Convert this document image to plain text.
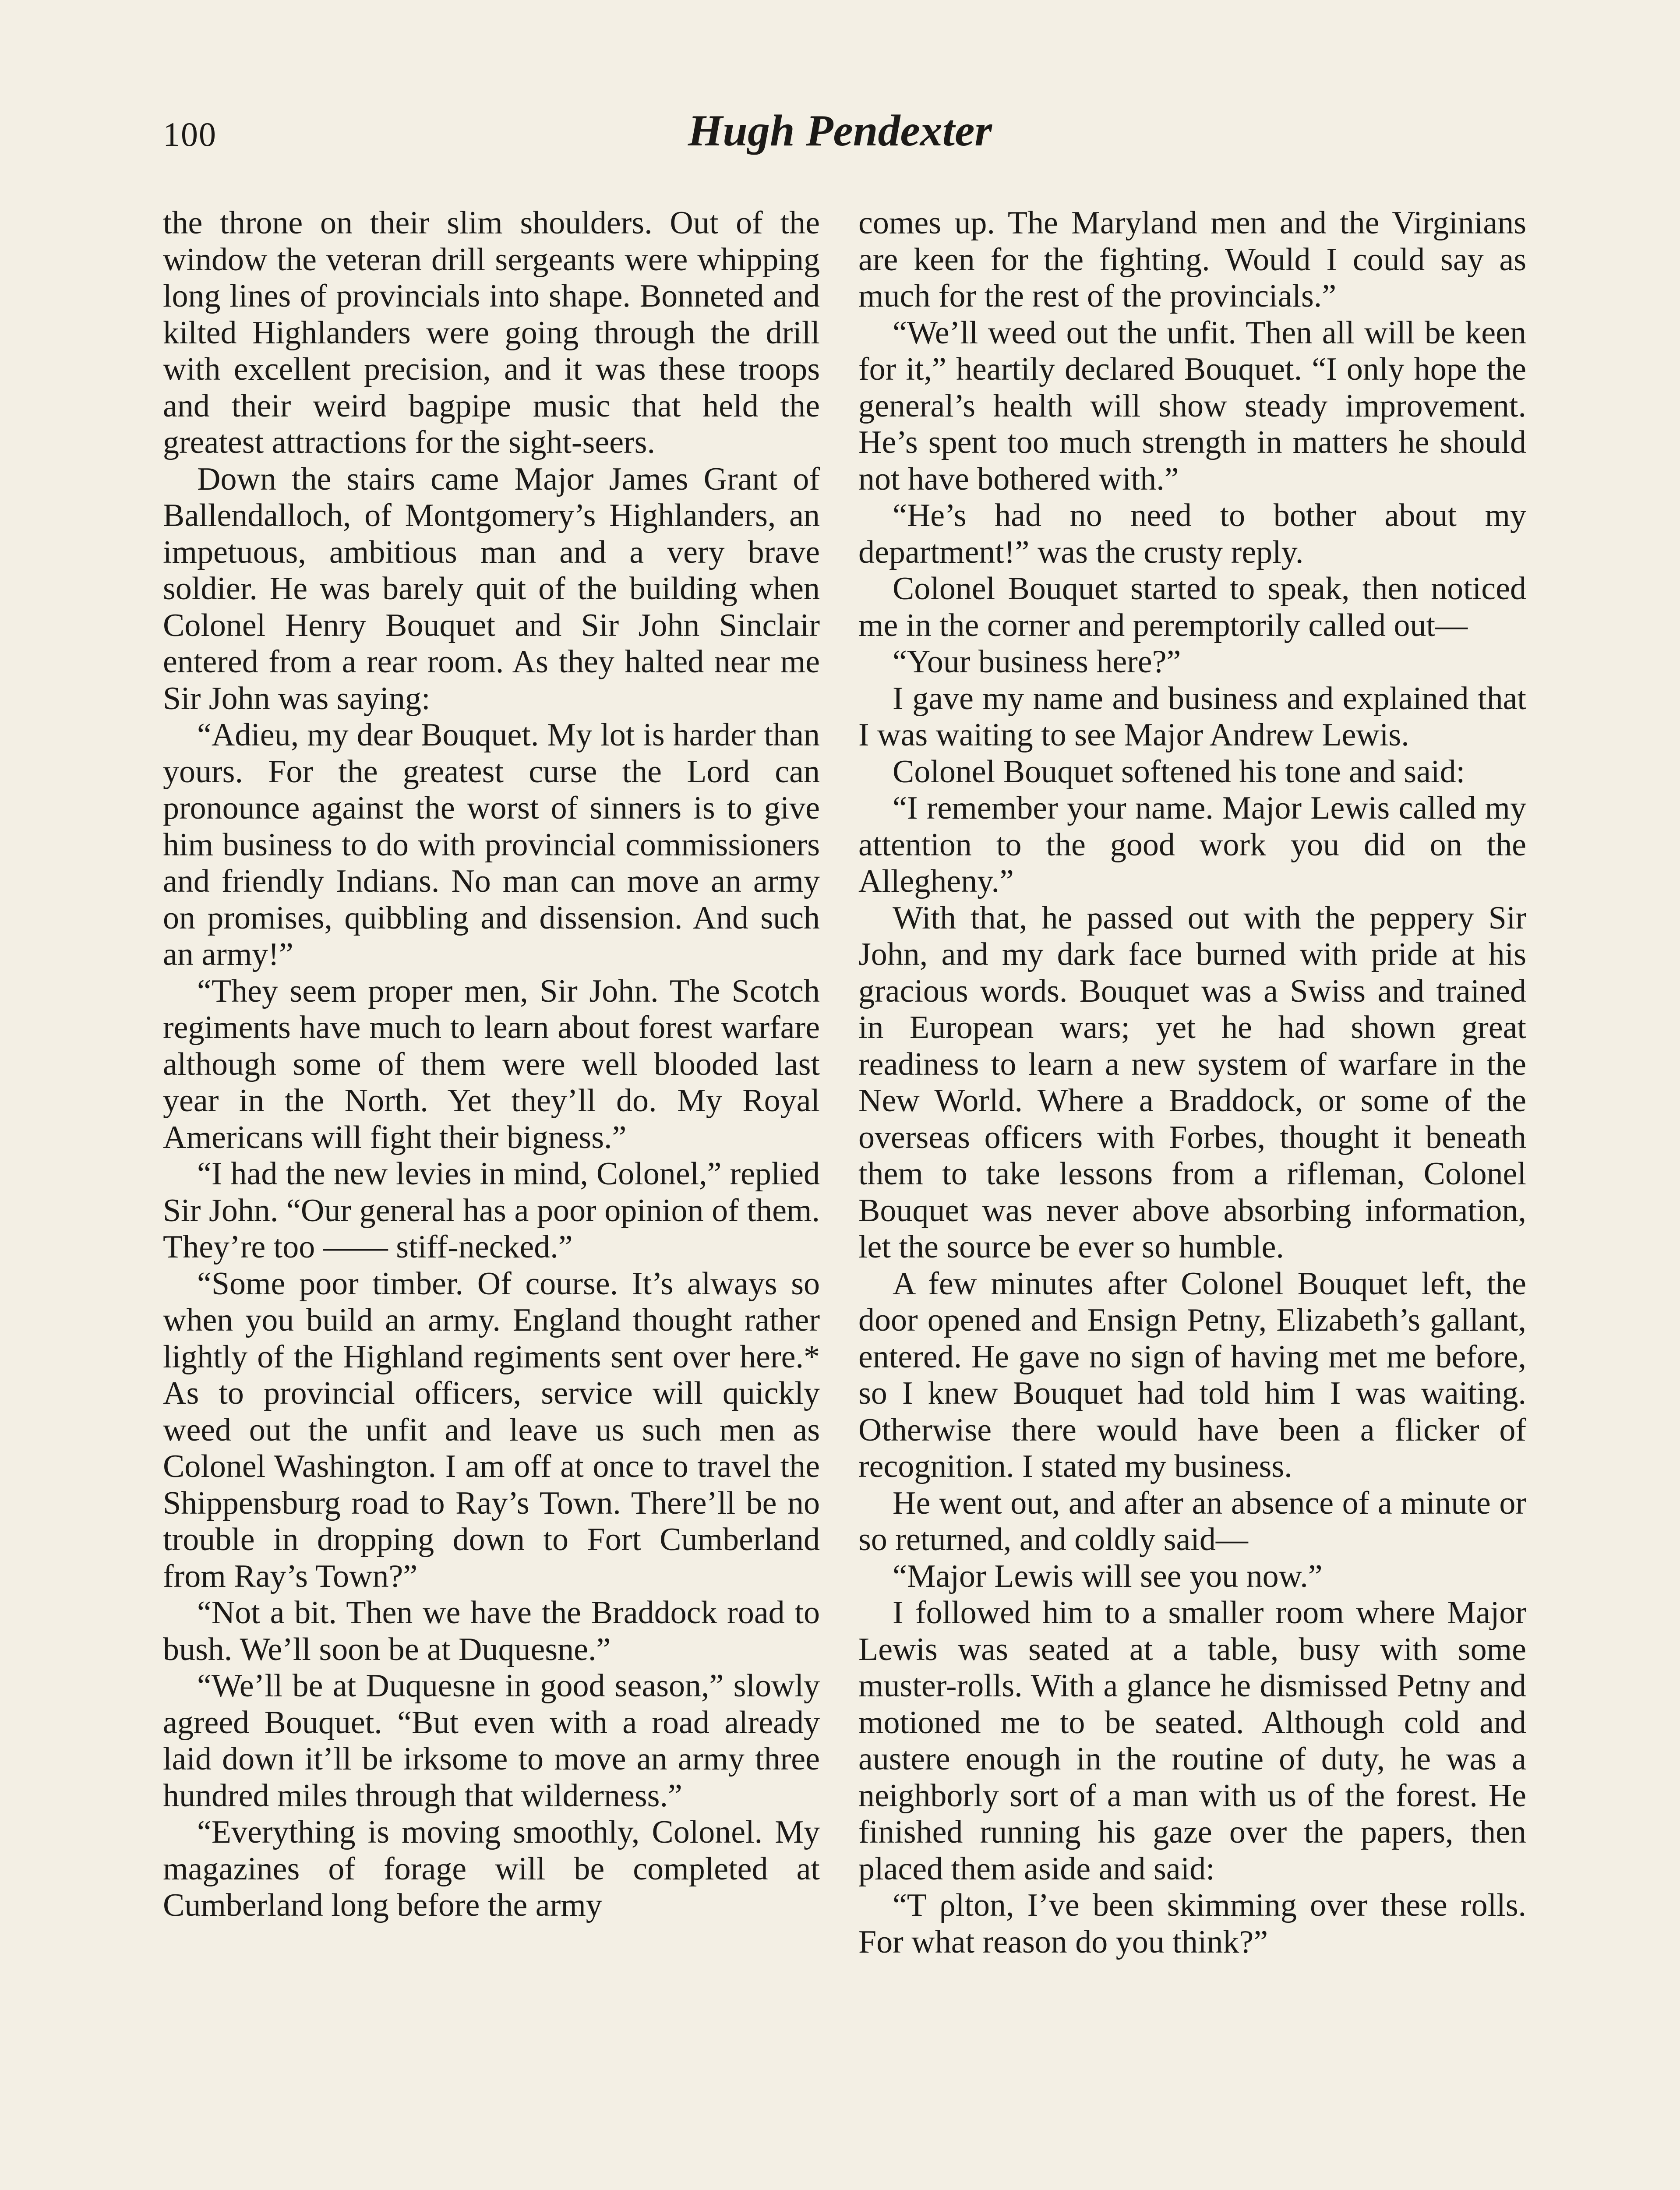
100	Hugh Pendexter

the throne on their slim shoulders. Out of the window the veteran drill sergeants were whipping long lines of provincials into shape. Bonneted and kilted Highlanders were going through the drill with excellent precision, and it was these troops and their weird bagpipe music that held the greatest attractions for the sight-seers.

Down the stairs came Major James Grant of Ballendalloch, of Montgomery’s Highlanders, an impetuous, ambitious man and a very brave soldier. He was barely quit of the building when Colonel Henry Bouquet and Sir John Sinclair entered from a rear room. As they halted near me Sir John was saying:

“Adieu, my dear Bouquet. My lot is harder than yours. For the greatest curse the Lord can pronounce against the worst of sinners is to give him business to do with provincial commissioners and friendly Indians. No man can move an army on promises, quibbling and dissension. And such an army!”

“They seem proper men, Sir John. The Scotch regiments have much to learn about forest warfare although some of them were well blooded last year in the North. Yet they’ll do. My Royal Americans will fight their bigness.”

“I had the new levies in mind, Colonel,” replied Sir John. “Our general has a poor opinion of them. They’re too —— stiff-necked.”

“Some poor timber. Of course. It’s always so when you build an army. England thought rather lightly of the Highland regiments sent over here.* As to provincial officers, service will quickly weed out the unfit and leave us such men as Colonel Washington. I am off at once to travel the Shippensburg road to Ray’s Town. There’ll be no trouble in dropping down to Fort Cumberland from Ray’s Town?”

“Not a bit. Then we have the Braddock road to bush. We’ll soon be at Duquesne.”

“We’ll be at Duquesne in good season,” slowly agreed Bouquet. “But even with a road already laid down it’ll be irksome to move an army three hundred miles through that wilderness.”

“Everything is moving smoothly, Colonel. My magazines of forage will be completed at Cumberland long before the army

comes up. The Maryland men and the Virginians are keen for the fighting. Would I could say as much for the rest of the provincials.”

“We’ll weed out the unfit. Then all will be keen for it,” heartily declared Bouquet. “I only hope the general’s health will show steady improvement. He’s spent too much strength in matters he should not have bothered with.”

“He’s had no need to bother about my department!” was the crusty reply.

Colonel Bouquet started to speak, then noticed me in the corner and peremptorily called out—

“Your business here?”

I gave my name and business and explained that I was waiting to see Major Andrew Lewis.

Colonel Bouquet softened his tone and said:

“I remember your name. Major Lewis called my attention to the good work you did on the Allegheny.”

With that, he passed out with the peppery Sir John, and my dark face burned with pride at his gracious words. Bouquet was a Swiss and trained in European wars; yet he had shown great readiness to learn a new system of warfare in the New World. Where a Braddock, or some of the overseas officers with Forbes, thought it beneath them to take lessons from a rifleman, Colonel Bouquet was never above absorbing information, let the source be ever so humble.

A few minutes after Colonel Bouquet left, the door opened and Ensign Petny, Elizabeth’s gallant, entered. He gave no sign of having met me before, so I knew Bouquet had told him I was waiting. Otherwise there would have been a flicker of recognition. I stated my business.

He went out, and after an absence of a minute or so returned, and coldly said—

“Major Lewis will see you now.”

I followed him to a smaller room where Major Lewis was seated at a table, busy with some muster-rolls. With a glance he dismissed Petny and motioned me to be seated. Although cold and austere enough in the routine of duty, he was a neighborly sort of a man with us of the forest. He finished running his gaze over the papers, then placed them aside and said:

“T ρlton, I’ve been skimming over these rolls. For what reason do you think?”
